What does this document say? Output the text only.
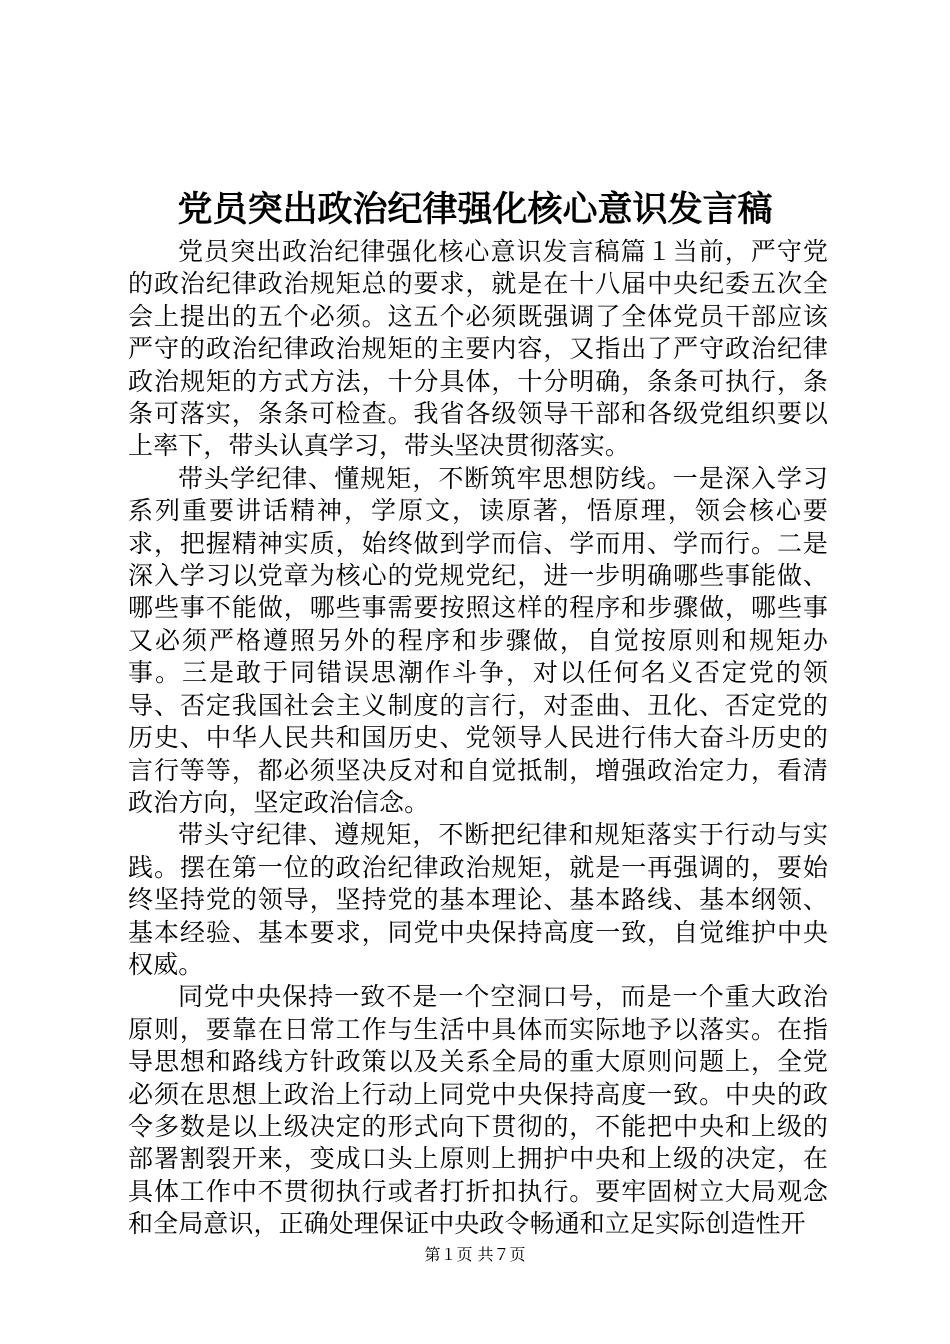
党员突出政治纪律强化核心意识发言稿

党员突出政治纪律强化核心意识发言稿篇１当前，严守党的政治纪律政治规矩总的要求，就是在十八届中央纪委五次全会上提出的五个必须。这五个必须既强调了全体党员干部应该严守的政治纪律政治规矩的主要内容，又指出了严守政治纪律政治规矩的方式方法，十分具体，十分明确，条条可执行，条条可落实，条条可检查。我省各级领导干部和各级党组织要以上率下，带头认真学习，带头坚决贯彻落实。

带头学纪律、懂规矩，不断筑牢思想防线。一是深入学习系列重要讲话精神，学原文，读原著，悟原理，领会核心要求，把握精神实质，始终做到学而信、学而用、学而行。二是深入学习以党章为核心的党规党纪，进一步明确哪些事能做、哪些事不能做，哪些事需要按照这样的程序和步骤做，哪些事又必须严格遵照另外的程序和步骤做，自觉按原则和规矩办事。三是敢于同错误思潮作斗争，对以任何名义否定党的领导、否定我国社会主义制度的言行，对歪曲、丑化、否定党的历史、中华人民共和国历史、党领导人民进行伟大奋斗历史的言行等等，都必须坚决反对和自觉抵制，增强政治定力，看清政治方向，坚定政治信念。

带头守纪律、遵规矩，不断把纪律和规矩落实于行动与实践。摆在第一位的政治纪律政治规矩，就是一再强调的，要始终坚持党的领导，坚持党的基本理论、基本路线、基本纲领、基本经验、基本要求，同党中央保持高度一致，自觉维护中央权威。

同党中央保持一致不是一个空洞口号，而是一个重大政治原则，要靠在日常工作与生活中具体而实际地予以落实。在指导思想和路线方针政策以及关系全局的重大原则问题上，全党必须在思想上政治上行动上同党中央保持高度一致。中央的政令多数是以上级决定的形式向下贯彻的，不能把中央和上级的部署割裂开来，变成口头上原则上拥护中央和上级的决定，在具体工作中不贯彻执行或者打折扣执行。要牢固树立大局观念和全局意识，正确处理保证中央政令畅通和立足实际创造性开

第１页 共７页
